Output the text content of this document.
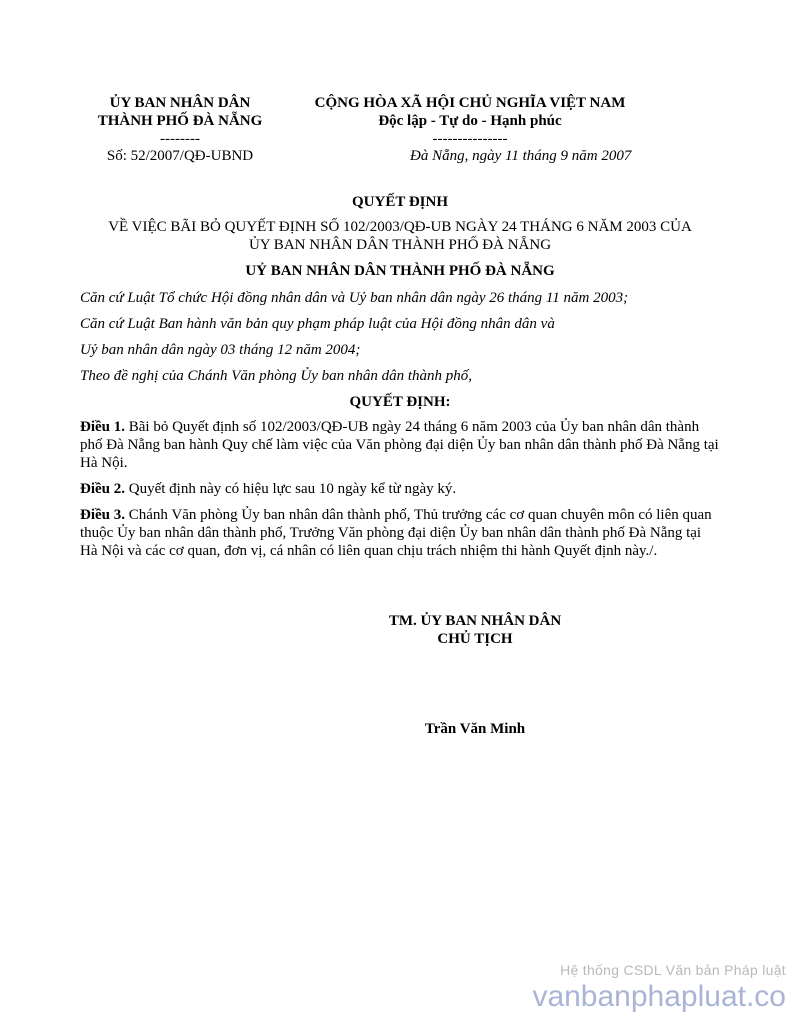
ỦY BAN NHÂN DÂN
THÀNH PHỐ ĐÀ NẴNG
--------
CỘNG HÒA XÃ HỘI CHỦ NGHĨA VIỆT NAM
Độc lập - Tự do - Hạnh phúc
---------------
Số: 52/2007/QĐ-UBND	Đà Nẵng, ngày 11 tháng 9 năm 2007
QUYẾT ĐỊNH
VỀ VIỆC BÃI BỎ QUYẾT ĐỊNH SỐ 102/2003/QĐ-UB NGÀY 24 THÁNG 6 NĂM 2003 CỦA
ỦY BAN NHÂN DÂN THÀNH PHỐ ĐÀ NẴNG
UỶ BAN NHÂN DÂN THÀNH PHỐ ĐÀ NẴNG

Căn cứ Luật Tổ chức Hội đồng nhân dân và Uỷ ban nhân dân ngày 26 tháng 11 năm 2003;

Căn cứ Luật Ban hành văn bản quy phạm pháp luật của Hội đồng nhân dân và

Uỷ ban nhân dân ngày 03 tháng 12 năm 2004;

Theo đề nghị của Chánh Văn phòng Ủy ban nhân dân thành phố,

QUYẾT ĐỊNH:

Điều 1. Bãi bỏ Quyết định số 102/2003/QĐ-UB ngày 24 tháng 6 năm 2003 của Ủy ban nhân dân thành phố Đà Nẵng ban hành Quy chế làm việc của Văn phòng đại diện Ủy ban nhân dân thành phố Đà Nẵng tại Hà Nội.

Điều 2. Quyết định này có hiệu lực sau 10 ngày kể từ ngày ký.

Điều 3. Chánh Văn phòng Ủy ban nhân dân thành phố, Thủ trưởng các cơ quan chuyên môn có liên quan thuộc Ủy ban nhân dân thành phố, Trưởng Văn phòng đại diện Ủy ban nhân dân thành phố Đà Nẵng tại Hà Nội và các cơ quan, đơn vị, cá nhân có liên quan chịu trách nhiệm thi hành Quyết định này./.

TM. ỦY BAN NHÂN DÂN
CHỦ TỊCH
Trần Văn Minh
Hệ thống CSDL Văn bản Pháp luật
vanbanphapluat.co
